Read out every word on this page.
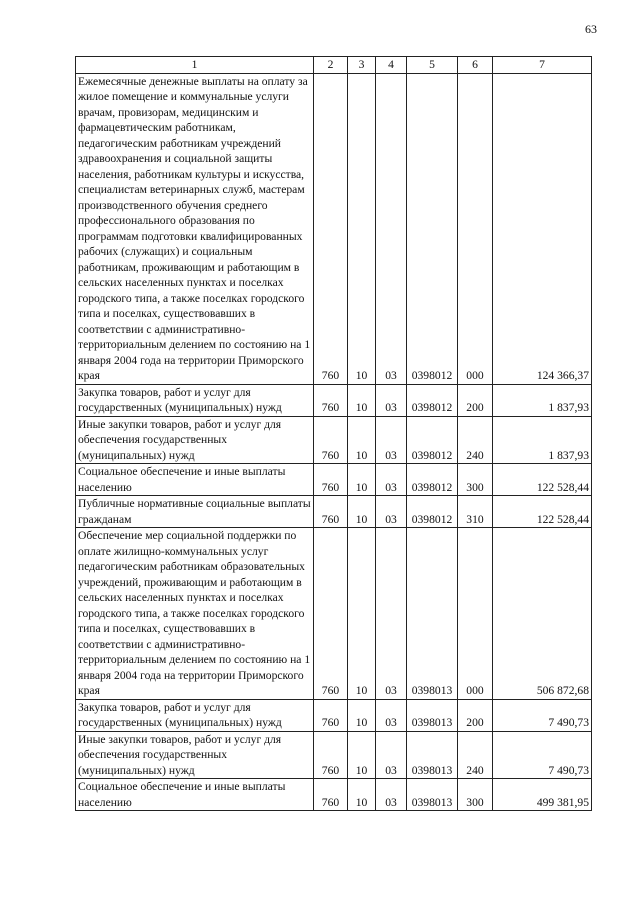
63
1	2	3	4	5	6	7
Ежемесячные денежные выплаты на оплату за жилое помещение и коммунальные услуги врачам, провизорам, медицинским и фармацевтическим работникам, педагогическим работникам учреждений здравоохранения и социальной защиты населения, работникам культуры и искусства, специалистам ветеринарных служб, мастерам производственного обучения среднего профессионального образования по программам подготовки квалифицированных рабочих (служащих) и социальным работникам, проживающим и работающим в сельских населенных пунктах и поселках городского типа, а также поселках городского типа и поселках, существовавших в соответствии с административно-территориальным делением по состоянию на 1 января 2004 года на территории Приморского края	760	10	03	0398012	000	124 366,37
Закупка товаров, работ и услуг для государственных (муниципальных) нужд	760	10	03	0398012	200	1 837,93
Иные закупки товаров, работ и услуг для обеспечения государственных (муниципальных) нужд	760	10	03	0398012	240	1 837,93
Социальное обеспечение и иные выплаты населению	760	10	03	0398012	300	122 528,44
Публичные нормативные социальные выплаты гражданам	760	10	03	0398012	310	122 528,44
Обеспечение мер социальной поддержки по оплате жилищно-коммунальных услуг педагогическим работникам образовательных учреждений, проживающим и работающим в сельских населенных пунктах и поселках городского типа, а также поселках городского типа и поселках, существовавших в соответствии с административно-территориальным делением по состоянию на 1 января 2004 года на территории Приморского края	760	10	03	0398013	000	506 872,68
Закупка товаров, работ и услуг для государственных (муниципальных) нужд	760	10	03	0398013	200	7 490,73
Иные закупки товаров, работ и услуг для обеспечения государственных (муниципальных) нужд	760	10	03	0398013	240	7 490,73
Социальное обеспечение и иные выплаты населению	760	10	03	0398013	300	499 381,95
